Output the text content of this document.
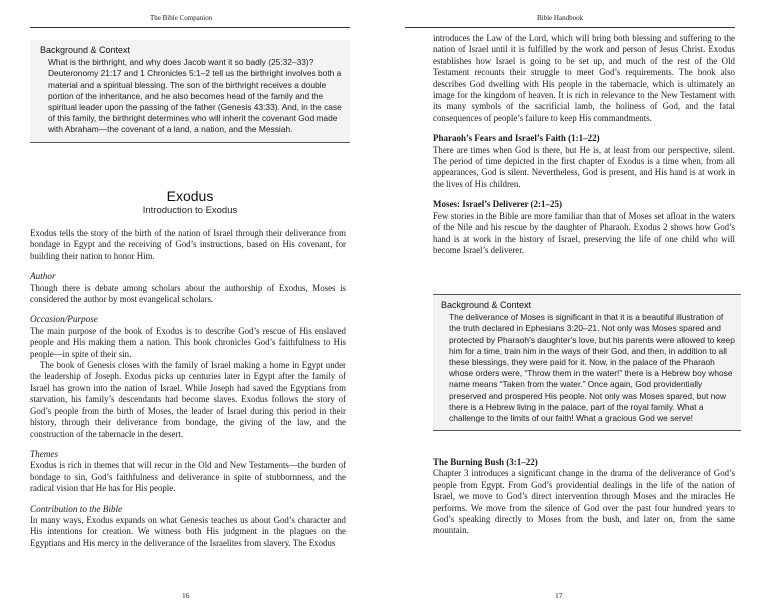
The Bible Companion
Background & Context

What is the birthright, and why does Jacob want it so badly (25:32–33)? Deuteronomy 21:17 and 1 Chronicles 5:1–2 tell us the birthright involves both a material and a spiritual blessing. The son of the birthright receives a double portion of the inheritance, and he also becomes head of the family and the spiritual leader upon the passing of the father (Genesis 43:33). And, in the case of this family, the birthright determines who will inherit the covenant God made with Abraham—the covenant of a land, a nation, and the Messiah.

Exodus
Introduction to Exodus

Exodus tells the story of the birth of the nation of Israel through their deliverance from bondage in Egypt and the receiving of God’s instructions, based on His covenant, for building their nation to honor Him.

Author

Though there is debate among scholars about the authorship of Exodus, Moses is considered the author by most evangelical scholars.

Occasion/Purpose

The main purpose of the book of Exodus is to describe God’s rescue of His enslaved people and His making them a nation. This book chronicles God’s faithfulness to His people—in spite of their sin.

The book of Genesis closes with the family of Israel making a home in Egypt under the leadership of Joseph. Exodus picks up centuries later in Egypt after the family of Israel has grown into the nation of Israel. While Joseph had saved the Egyptians from starvation, his family’s descendants had become slaves. Exodus follows the story of God’s people from the birth of Moses, the leader of Israel during this period in their history, through their deliverance from bondage, the giving of the law, and the construction of the tabernacle in the desert.

Themes

Exodus is rich in themes that will recur in the Old and New Testaments—the burden of bondage to sin, God’s faithfulness and deliverance in spite of stubbornness, and the radical vision that He has for His people.

Contribution to the Bible

In many ways, Exodus expands on what Genesis teaches us about God’s character and His intentions for creation. We witness both His judgment in the plagues on the Egyptians and His mercy in the deliverance of the Israelites from slavery. The Exodus

16
Bible Handbook

introduces the Law of the Lord, which will bring both blessing and suffering to the nation of Israel until it is fulfilled by the work and person of Jesus Christ. Exodus establishes how Israel is going to be set up, and much of the rest of the Old Testament recounts their struggle to meet God’s requirements. The book also describes God dwelling with His people in the tabernacle, which is ultimately an image for the kingdom of heaven. It is rich in relevance to the New Testament with its many symbols of the sacrificial lamb, the holiness of God, and the fatal consequences of people’s failure to keep His commandments.

Pharaoh’s Fears and Israel’s Faith (1:1–22)

There are times when God is there, but He is, at least from our perspective, silent. The period of time depicted in the first chapter of Exodus is a time when, from all appearances, God is silent. Nevertheless, God is present, and His hand is at work in the lives of His children.

Moses: Israel’s Deliverer (2:1–25)

Few stories in the Bible are more familiar than that of Moses set afloat in the waters of the Nile and his rescue by the daughter of Pharaoh. Exodus 2 shows how God’s hand is at work in the history of Israel, preserving the life of one child who will become Israel’s deliverer.

Background & Context

The deliverance of Moses is significant in that it is a beautiful illustration of the truth declared in Ephesians 3:20–21. Not only was Moses spared and protected by Pharaoh’s daughter’s love, but his parents were allowed to keep him for a time, train him in the ways of their God, and then, in addition to all these blessings, they were paid for it. Now, in the palace of the Pharaoh whose orders were, “Throw them in the water!” there is a Hebrew boy whose name means “Taken from the water.” Once again, God providentially preserved and prospered His people. Not only was Moses spared, but now there is a Hebrew living in the palace, part of the royal family. What a challenge to the limits of our faith! What a gracious God we serve!

The Burning Bush (3:1–22)

Chapter 3 introduces a significant change in the drama of the deliverance of God’s people from Egypt. From God’s providential dealings in the life of the nation of Israel, we move to God’s direct intervention through Moses and the miracles He performs. We move from the silence of God over the past four hundred years to God’s speaking directly to Moses from the bush, and later on, from the same mountain.

17
